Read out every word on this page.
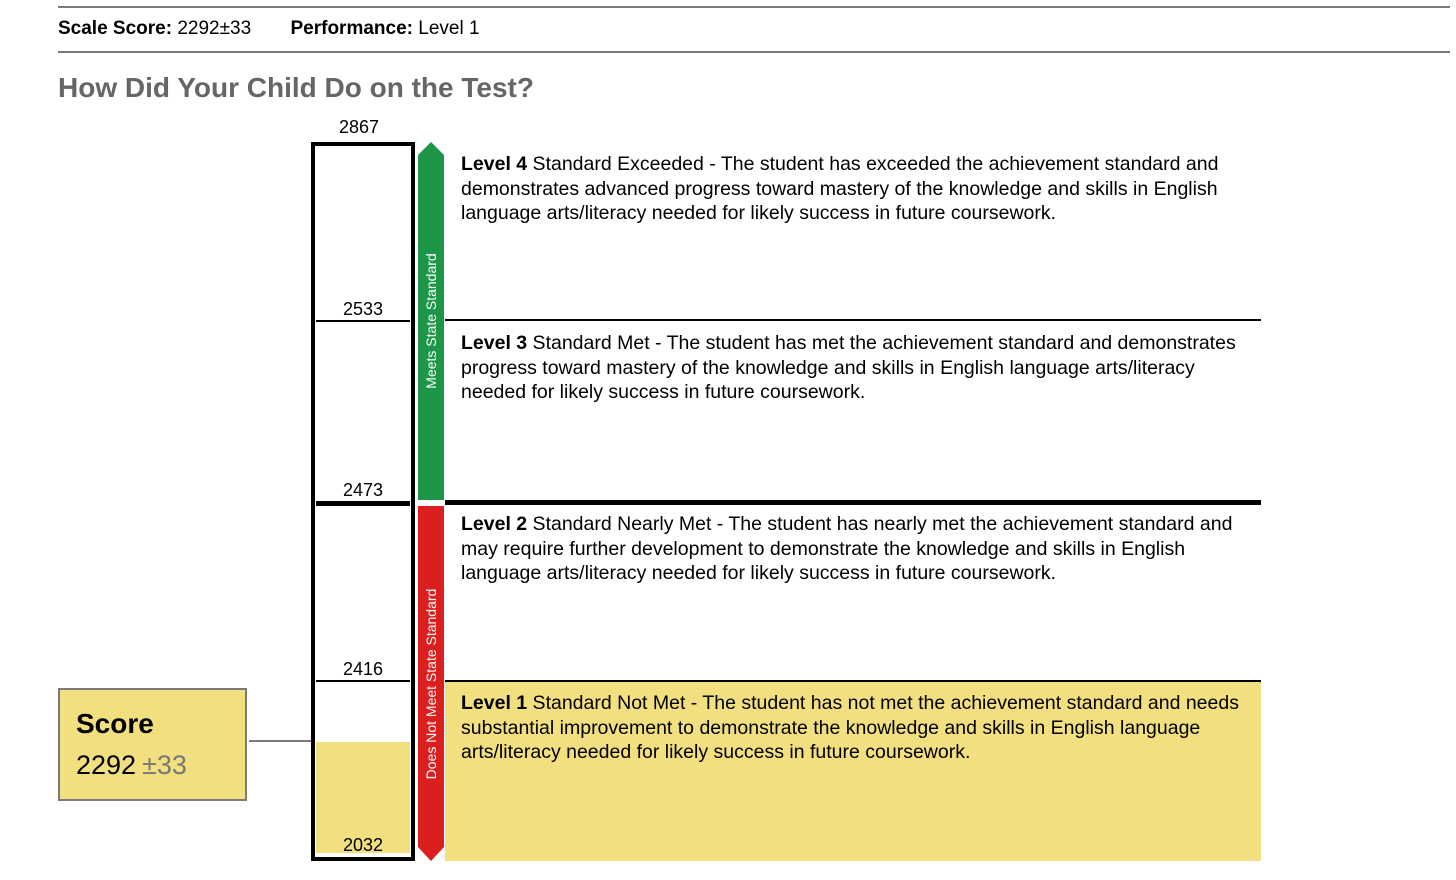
Scale Score: 2292±33 Performance: Level 1
How Did Your Child Do on the Test?
2867
2533
2473
2416
2032
Meets State Standard
Does Not Meet State Standard
Level 4 Standard Exceeded - The student has exceeded the achievement standard and demonstrates advanced progress toward mastery of the knowledge and skills in English language arts/literacy needed for likely success in future coursework.
Level 3 Standard Met - The student has met the achievement standard and demonstrates progress toward mastery of the knowledge and skills in English language arts/literacy needed for likely success in future coursework.
Level 2 Standard Nearly Met - The student has nearly met the achievement standard and may require further development to demonstrate the knowledge and skills in English language arts/literacy needed for likely success in future coursework.
Level 1 Standard Not Met - The student has not met the achievement standard and needs substantial improvement to demonstrate the knowledge and skills in English language arts/literacy needed for likely success in future coursework.
Score
2292 ±33
